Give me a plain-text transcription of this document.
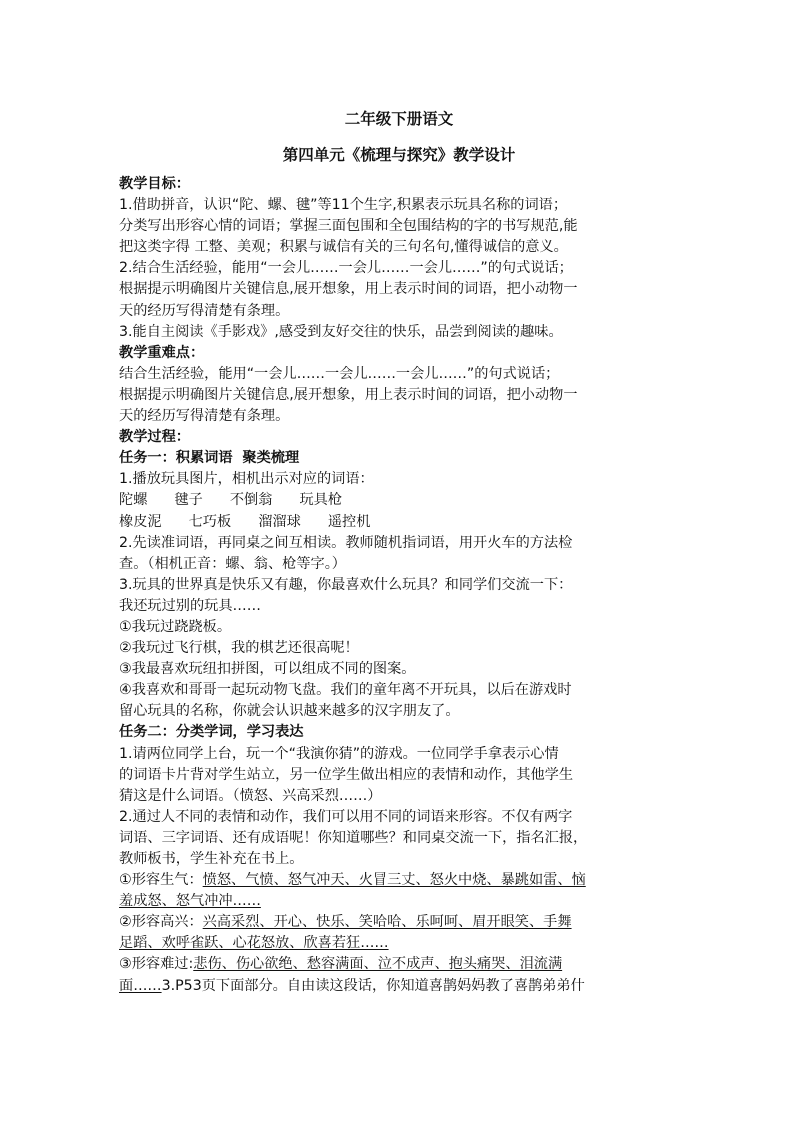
二年级下册语文
第四单元《梳理与探究》教学设计

教学目标：

1.借助拼音，认识“陀、螺、毽”等11个生字,积累表示玩具名称的词语；

分类写出形容心情的词语；掌握三面包围和全包围结构的字的书写规范,能

把这类字得 工整、美观；积累与诚信有关的三句名句,懂得诚信的意义。

2.结合生活经验，能用“一会儿……一会儿……一会儿……”的句式说话；

根据提示明确图片关键信息,展开想象，用上表示时间的词语，把小动物一

天的经历写得清楚有条理。

3.能自主阅读《手影戏》,感受到友好交往的快乐，品尝到阅读的趣味。

教学重难点：

结合生活经验，能用“一会儿……一会儿……一会儿……”的句式说话；

根据提示明确图片关键信息,展开想象，用上表示时间的词语，把小动物一

天的经历写得清楚有条理。

教学过程：

任务一：积累词语  聚类梳理

1.播放玩具图片，相机出示对应的词语：

陀螺      毽子      不倒翁      玩具枪

橡皮泥      七巧板      溜溜球      遥控机

2.先读准词语，再同桌之间互相读。教师随机指词语，用开火车的方法检

查。（相机正音：螺、翁、枪等字。）

3.玩具的世界真是快乐又有趣，你最喜欢什么玩具？和同学们交流一下：

我还玩过别的玩具……

①我玩过跷跷板。

②我玩过飞行棋，我的棋艺还很高呢！

③我最喜欢玩纽扣拼图，可以组成不同的图案。

④我喜欢和哥哥一起玩动物飞盘。我们的童年离不开玩具，以后在游戏时

留心玩具的名称，你就会认识越来越多的汉字朋友了。

任务二：分类学词，学习表达

1.请两位同学上台，玩一个“我演你猜”的游戏。一位同学手拿表示心情

的词语卡片背对学生站立，另一位学生做出相应的表情和动作，其他学生

猜这是什么词语。（愤怒、兴高采烈……）

2.通过人不同的表情和动作，我们可以用不同的词语来形容。不仅有两字

词语、三字词语、还有成语呢！你知道哪些？和同桌交流一下，指名汇报，

教师板书，学生补充在书上。

①形容生气：愤怒、气愤、怒气冲天、火冒三丈、怒火中烧、暴跳如雷、恼

羞成怒、怒气冲冲……

②形容高兴：兴高采烈、开心、快乐、笑哈哈、乐呵呵、眉开眼笑、手舞

足蹈、欢呼雀跃、心花怒放、欣喜若狂……

③形容难过:悲伤、伤心欲绝、愁容满面、泣不成声、抱头痛哭、泪流满

面……3.P53页下面部分。自由读这段话，你知道喜鹊妈妈教了喜鹊弟弟什
